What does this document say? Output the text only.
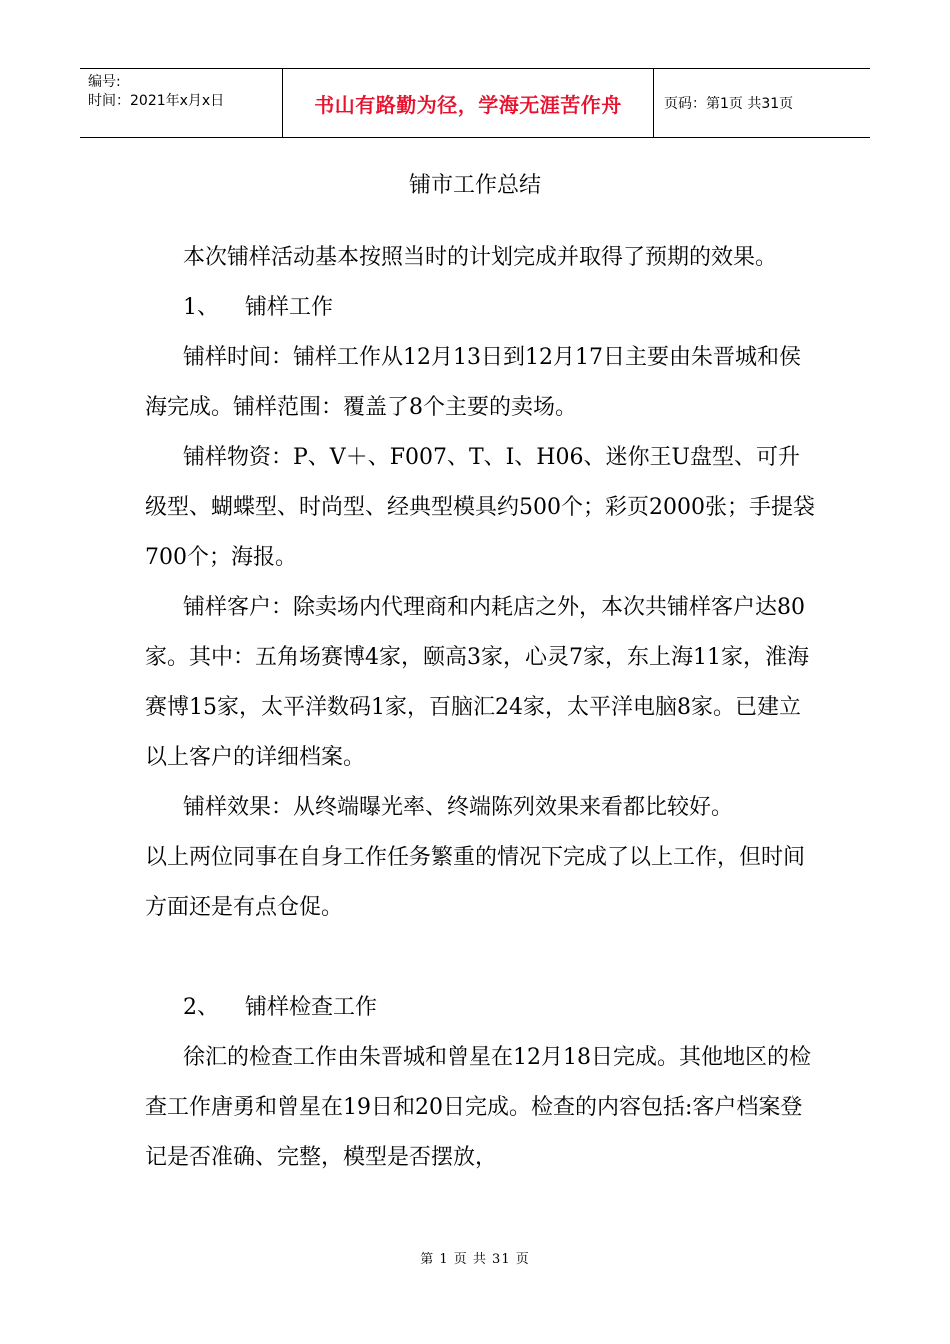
编号:
时间：2021年x月x日	书山有路勤为径，学海无涯苦作舟	页码：第1页 共31页
铺市工作总结

本次铺样活动基本按照当时的计划完成并取得了预期的效果。

1、 铺样工作

铺样时间：铺样工作从12月13日到12月17日主要由朱晋城和侯海完成。铺样范围：覆盖了8个主要的卖场。

铺样物资：P、V＋、F007、T、I、H06、迷你王U盘型、可升级型、蝴蝶型、时尚型、经典型模具约500个；彩页2000张；手提袋700个；海报。

铺样客户：除卖场内代理商和内耗店之外，本次共铺样客户达80家。其中：五角场赛博4家，颐高3家，心灵7家，东上海11家，淮海赛博15家，太平洋数码1家，百脑汇24家，太平洋电脑8家。已建立以上客户的详细档案。

铺样效果：从终端曝光率、终端陈列效果来看都比较好。

以上两位同事在自身工作任务繁重的情况下完成了以上工作，但时间方面还是有点仓促。

2、 铺样检查工作

徐汇的检查工作由朱晋城和曾星在12月18日完成。其他地区的检查工作唐勇和曾星在19日和20日完成。检查的内容包括:客户档案登记是否准确、完整，模型是否摆放，

第 1 页 共 31 页
